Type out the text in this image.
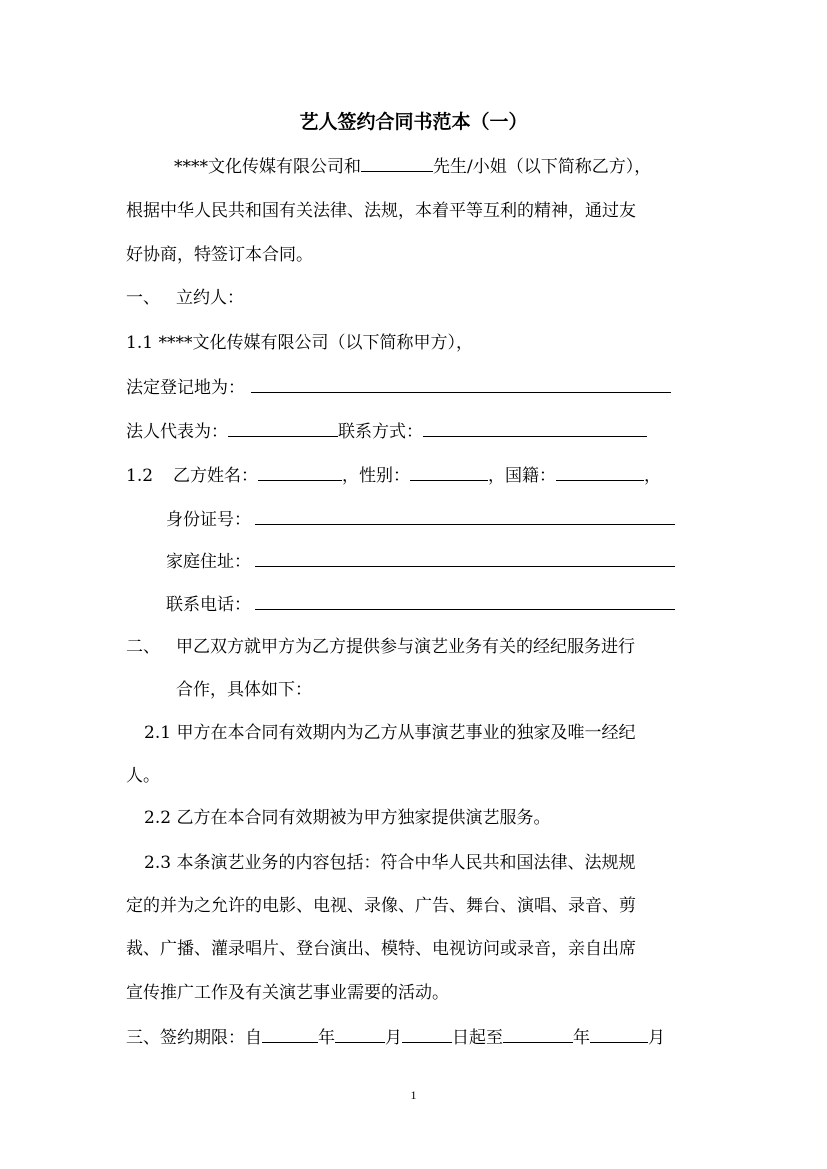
艺人签约合同书范本（一）
****文化传媒有限公司和	先生/小姐（以下简称乙方），
根据中华人民共和国有关法律、法规，本着平等互利的精神，通过友
好协商，特签订本合同。
一、 立约人：
1.1 ****文化传媒有限公司（以下简称甲方），
法定登记地为：
法人代表为：	联系方式：
1.2 乙方姓名：	，性别：	，国籍：	，
身份证号：
家庭住址：
联系电话：
二、 甲乙双方就甲方为乙方提供参与演艺业务有关的经纪服务进行
合作，具体如下：
2.1 甲方在本合同有效期内为乙方从事演艺事业的独家及唯一经纪
人。
2.2 乙方在本合同有效期被为甲方独家提供演艺服务。
2.3 本条演艺业务的内容包括：符合中华人民共和国法律、法规规
定的并为之允许的电影、电视、录像、广告、舞台、演唱、录音、剪
裁、广播、灌录唱片、登台演出、模特、电视访问或录音，亲自出席
宣传推广工作及有关演艺事业需要的活动。
三、签约期限：自	年	月	日起至	年	月
1
